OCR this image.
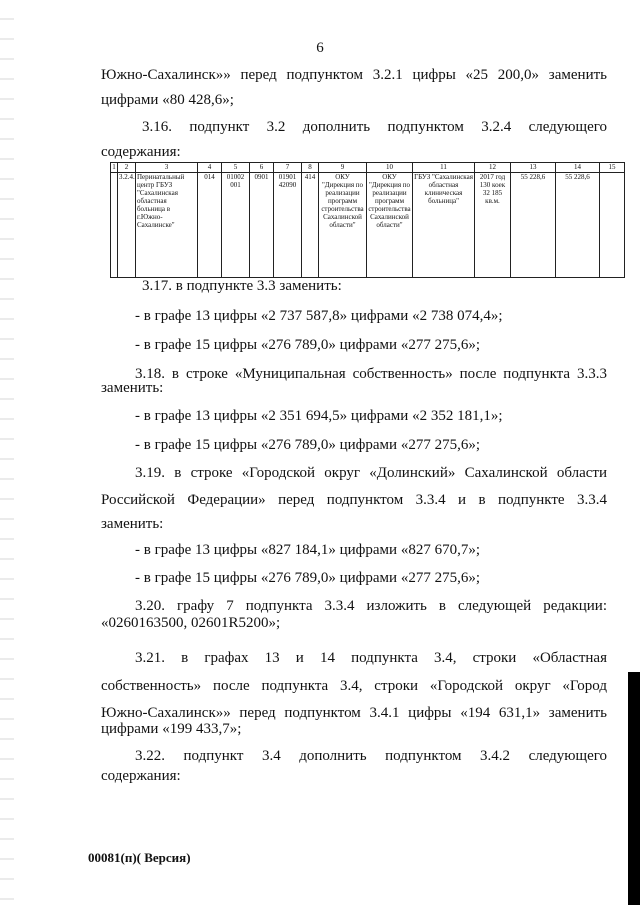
6
Южно-Сахалинск»» перед подпунктом 3.2.1 цифры «25 200,0» заменить
цифрами «80 428,6»;
3.16. подпункт 3.2 дополнить подпунктом 3.2.4 следующего
содержания:
1	2	3	4	5	6	7	8	9	10	11	12	13	14	15
	3.2.4.	Перинатальный центр ГБУЗ "Сахалинская областная больница в г.Южно-Сахалинске"	014	01002 001	0901	01901 42090	414	ОКУ "Дирекция по реализации программ строительства Сахалинской области"	ОКУ "Дирекция по реализации программ строительства Сахалинской области"	ГБУЗ "Сахалинская областная клиническая больница"	2017 год 130 коек 32 185 кв.м.	55 228,6	55 228,6	
3.17. в подпункте 3.3 заменить:
- в графе 13 цифры «2 737 587,8» цифрами «2 738 074,4»;
- в графе 15 цифры «276 789,0» цифрами «277 275,6»;
3.18. в строке «Муниципальная собственность» после подпункта 3.3.3
заменить:
- в графе 13 цифры «2 351 694,5» цифрами «2 352 181,1»;
- в графе 15 цифры «276 789,0» цифрами «277 275,6»;
3.19. в строке «Городской округ «Долинский» Сахалинской области
Российской Федерации» перед подпунктом 3.3.4 и в подпункте 3.3.4
заменить:
- в графе 13 цифры «827 184,1» цифрами «827 670,7»;
- в графе 15 цифры «276 789,0» цифрами «277 275,6»;
3.20. графу 7 подпункта 3.3.4 изложить в следующей редакции:
«0260163500, 02601R5200»;
3.21. в графах 13 и 14 подпункта 3.4, строки «Областная
собственность» после подпункта 3.4, строки «Городской округ «Город
Южно-Сахалинск»» перед подпунктом 3.4.1 цифры «194 631,1» заменить
цифрами «199 433,7»;
3.22. подпункт 3.4 дополнить подпунктом 3.4.2 следующего
содержания:
00081(п)( Версия)
